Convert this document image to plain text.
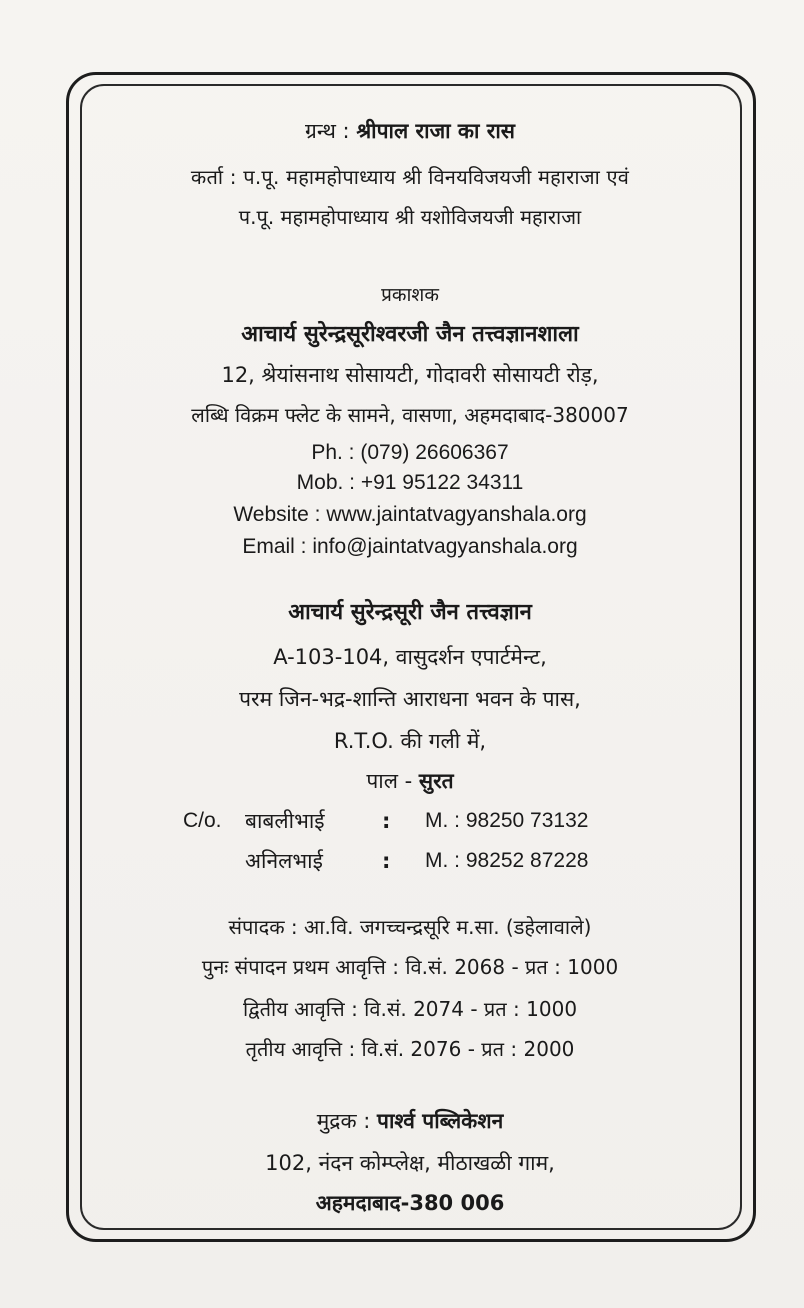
ग्रन्थ : श्रीपाल राजा का रास
कर्ता : प.पू. महामहोपाध्याय श्री विनयविजयजी महाराजा एवं
प.पू. महामहोपाध्याय श्री यशोविजयजी महाराजा
प्रकाशक
आचार्य सुरेन्द्रसूरीश्वरजी जैन तत्त्वज्ञानशाला
12, श्रेयांसनाथ सोसायटी, गोदावरी सोसायटी रोड़,
लब्धि विक्रम फ्लेट के सामने, वासणा, अहमदाबाद-380007
Ph. : (079) 26606367
Mob. : +91 95122 34311
Website : www.jaintatvagyanshala.org
Email : info@jaintatvagyanshala.org
आचार्य सुरेन्द्रसूरी जैन तत्त्वज्ञान
A-103-104, वासुदर्शन एपार्टमेन्ट,
परम जिन-भद्र-शान्ति आराधना भवन के पास,
R.T.O. की गली में,
पाल - सुरत
C/o. बाबलीभाई	: M. : 98250 73132
अनिलभाई	: M. : 98252 87228
संपादक : आ.वि. जगच्चन्द्रसूरि म.सा. (डहेलावाले)
पुनः संपादन प्रथम आवृत्ति : वि.सं. 2068 - प्रत : 1000
द्वितीय आवृत्ति : वि.सं. 2074 - प्रत : 1000
तृतीय आवृत्ति : वि.सं. 2076 - प्रत : 2000
मुद्रक : पार्श्व पब्लिकेशन
102, नंदन कोम्प्लेक्ष, मीठाखळी गाम,
अहमदाबाद-380 006
